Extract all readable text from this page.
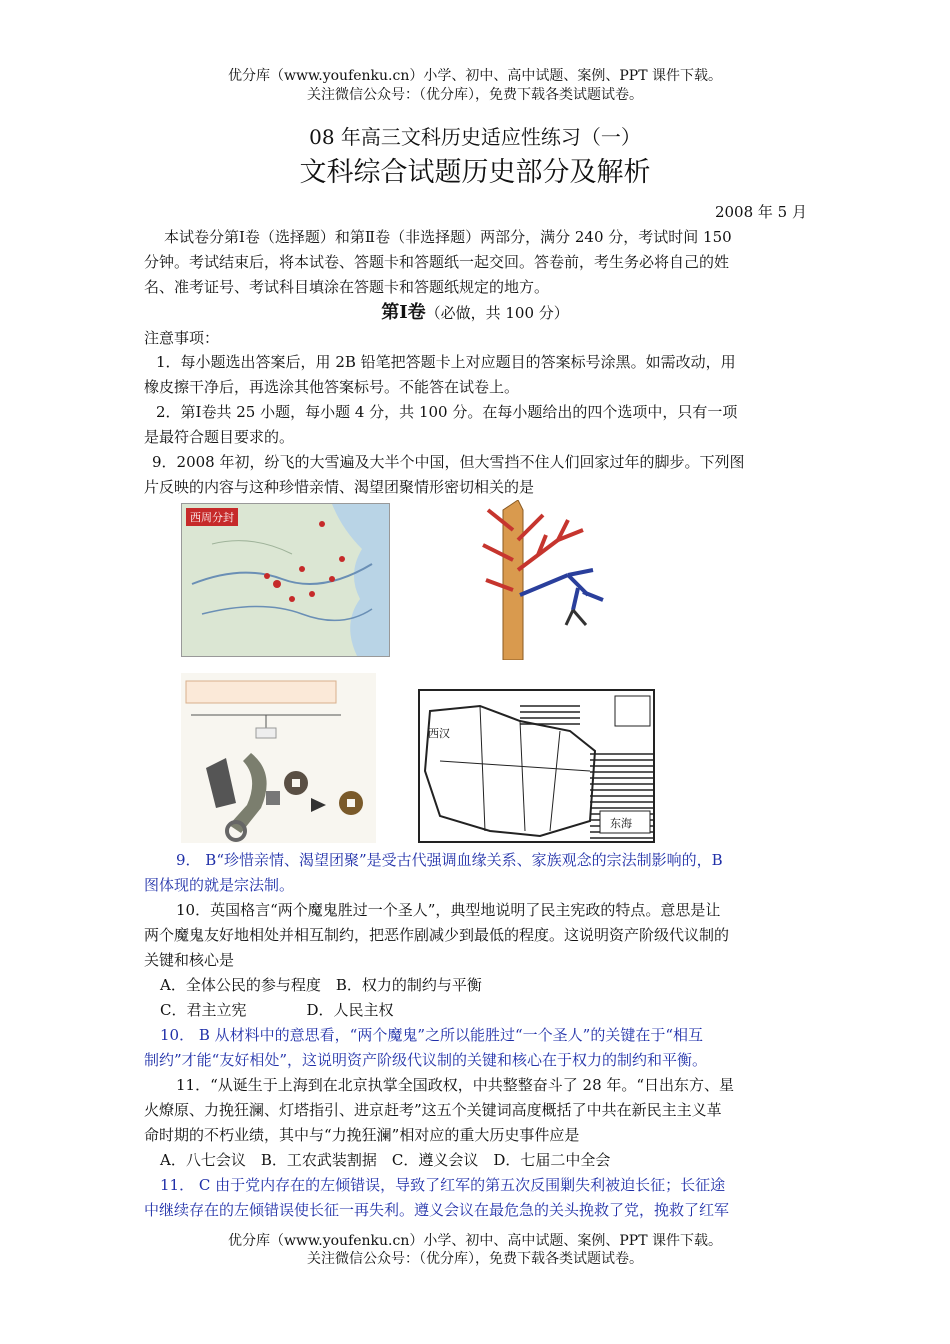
优分库（www.youfenku.cn）小学、初中、高中试题、案例、PPT 课件下载。
关注微信公众号：（优分库），免费下载各类试题试卷。
08 年高三文科历史适应性练习（一）
文科综合试题历史部分及解析
2008 年 5 月
本试卷分第Ⅰ卷（选择题）和第Ⅱ卷（非选择题）两部分，满分 240 分，考试时间 150
分钟。考试结束后，将本试卷、答题卡和答题纸一起交回。答卷前，考生务必将自己的姓
名、准考证号、考试科目填涂在答题卡和答题纸规定的地方。
第Ⅰ卷（必做，共 100 分）
注意事项：
1．每小题选出答案后，用 2B 铅笔把答题卡上对应题目的答案标号涂黑。如需改动，用
橡皮擦干净后，再选涂其他答案标号。不能答在试卷上。
2．第Ⅰ卷共 25 小题，每小题 4 分，共 100 分。在每小题给出的四个选项中，只有一项
是最符合题目要求的。
9．2008 年初，纷飞的大雪遍及大半个中国，但大雪挡不住人们回家过年的脚步。下列图
片反映的内容与这种珍惜亲情、渴望团聚情形密切相关的是
西周分封
西汉
东海
9． B“珍惜亲情、渴望团聚”是受古代强调血缘关系、家族观念的宗法制影响的，B
图体现的就是宗法制。
10．英国格言“两个魔鬼胜过一个圣人”，典型地说明了民主宪政的特点。意思是让
两个魔鬼友好地相处并相互制约，把恶作剧减少到最低的程度。这说明资产阶级代议制的
关键和核心是
A．全体公民的参与程度　B．权力的制约与平衡
C．君主立宪　　　　D．人民主权
10． B 从材料中的意思看，“两个魔鬼”之所以能胜过“一个圣人”的关键在于“相互
制约”才能“友好相处”，这说明资产阶级代议制的关键和核心在于权力的制约和平衡。
11．“从诞生于上海到在北京执掌全国政权，中共整整奋斗了 28 年。“日出东方、星
火燎原、力挽狂澜、灯塔指引、进京赶考”这五个关键词高度概括了中共在新民主主义革
命时期的不朽业绩，其中与“力挽狂澜”相对应的重大历史事件应是
A．八七会议　B．工农武装割据　C．遵义会议　D．七届二中全会
11． C 由于党内存在的左倾错误，导致了红军的第五次反围剿失利被迫长征；长征途
中继续存在的左倾错误使长征一再失利。遵义会议在最危急的关头挽救了党，挽救了红军
优分库（www.youfenku.cn）小学、初中、高中试题、案例、PPT 课件下载。
关注微信公众号：（优分库），免费下载各类试题试卷。
